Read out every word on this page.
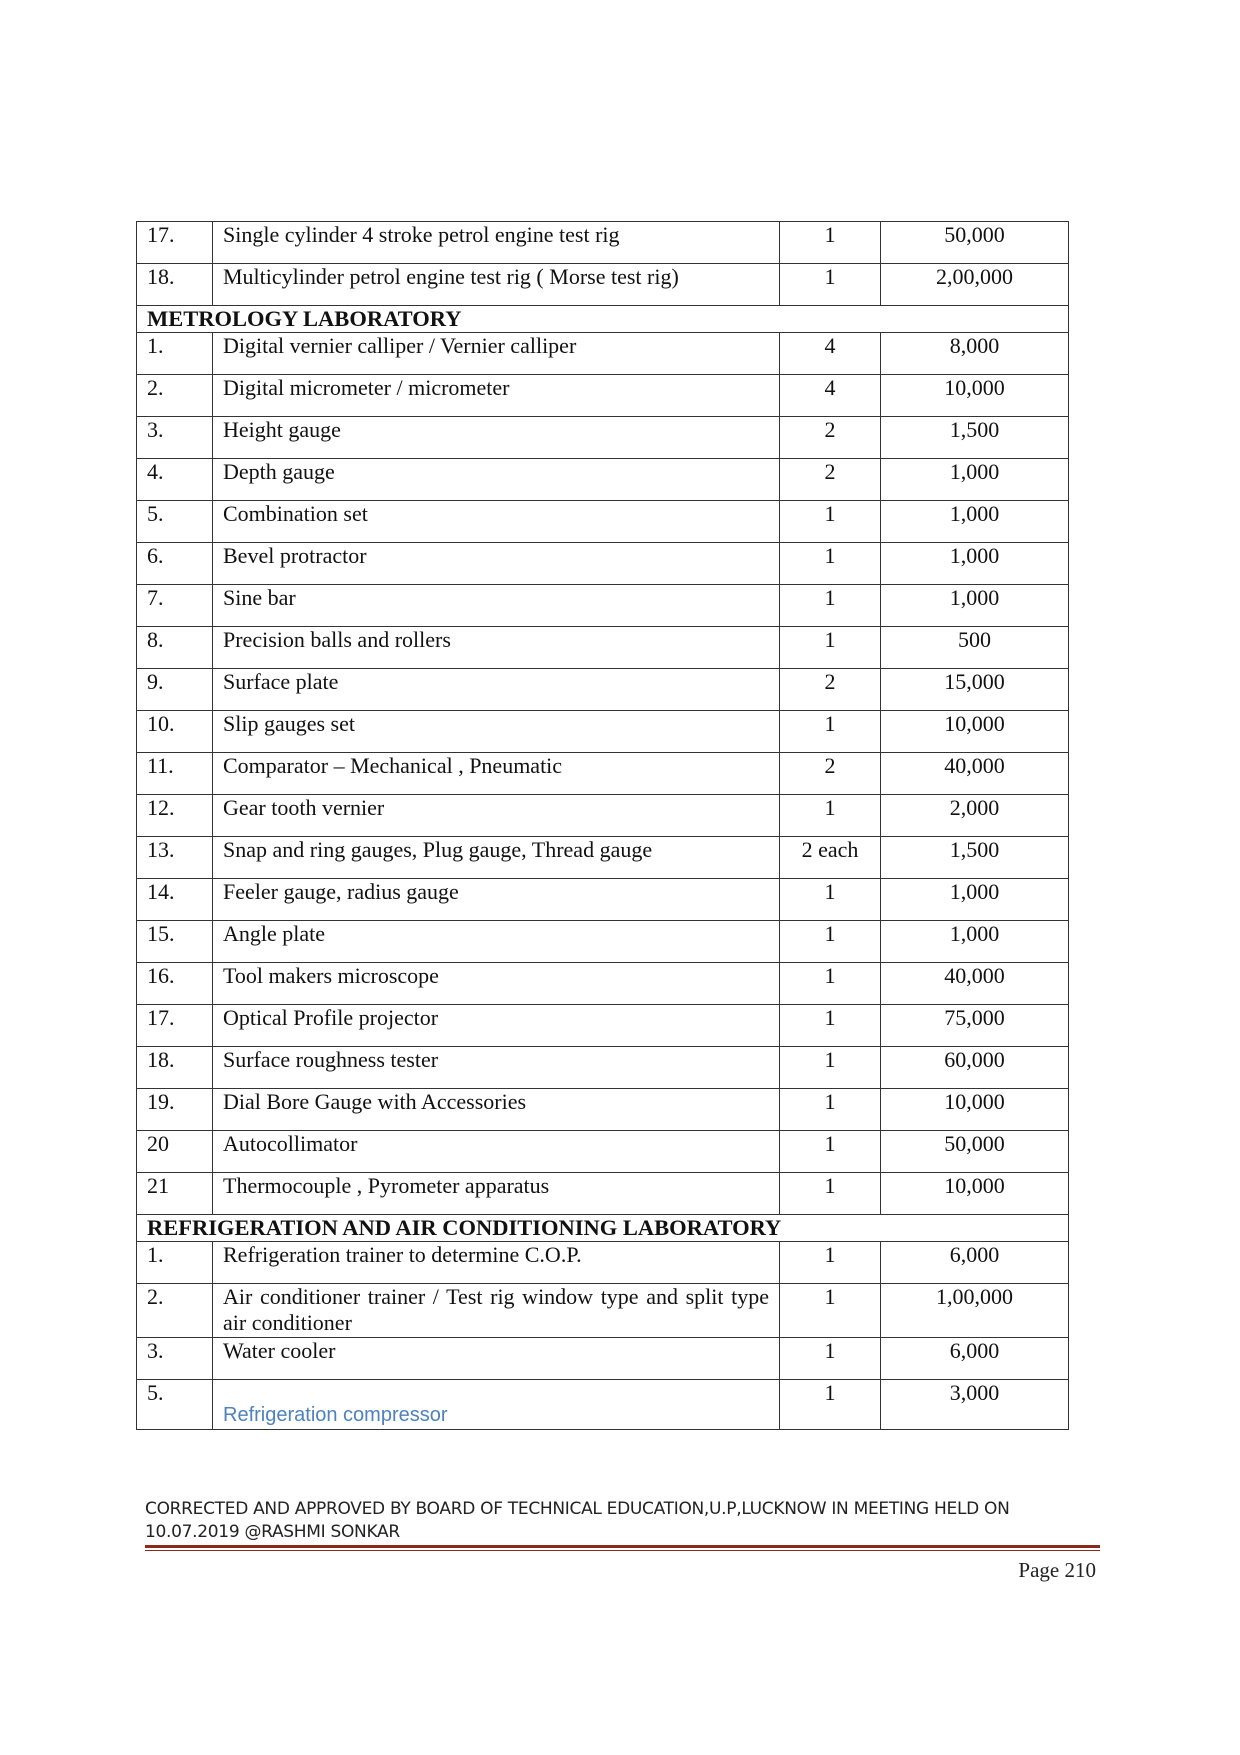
17.	Single cylinder 4 stroke petrol engine test rig	1	50,000

18.	Multicylinder petrol engine test rig ( Morse test rig)	1	2,00,000

METROLOGY LABORATORY			

1.	Digital vernier calliper / Vernier calliper	4	8,000

2.	Digital micrometer / micrometer	4	10,000

3.	Height gauge	2	1,500

4.	Depth gauge	2	1,000

5.	Combination set	1	1,000

6.	Bevel protractor	1	1,000

7.	Sine bar	1	1,000

8.	Precision balls and rollers	1	500

9.	Surface plate	2	15,000

10.	Slip gauges set	1	10,000

11.	Comparator – Mechanical , Pneumatic	2	40,000

12.	Gear tooth vernier	1	2,000

13.	Snap and ring gauges, Plug gauge, Thread gauge	2 each	1,500

14.	Feeler gauge, radius gauge	1	1,000

15.	Angle plate	1	1,000

16.	Tool makers microscope	1	40,000

17.	Optical Profile projector	1	75,000

18.	Surface roughness tester	1	60,000

19.	Dial Bore Gauge with Accessories	1	10,000

20	Autocollimator	1	50,000

21	Thermocouple , Pyrometer apparatus	1	10,000

REFRIGERATION AND AIR CONDITIONING LABORATORY			

1.	Refrigeration trainer to determine C.O.P.	1	6,000

2.	Air conditioner trainer / Test rig window type and split type air conditioner	1	1,00,000

3.	Water cooler	1	6,000

5.	Refrigeration compressor	1	3,000
CORRECTED AND APPROVED BY BOARD OF TECHNICAL EDUCATION,U.P,LUCKNOW IN MEETING HELD ON 10.07.2019 @RASHMI SONKAR
Page 210
